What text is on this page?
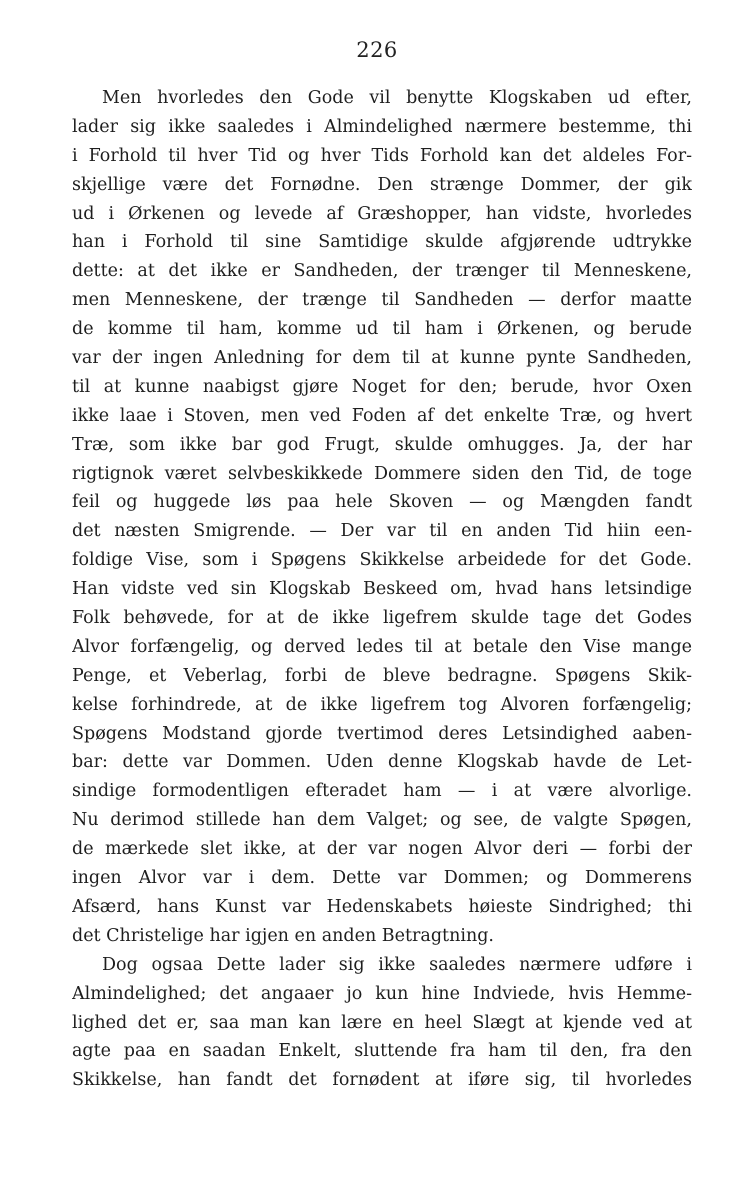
226
Men hvorledes den Gode vil benytte Klogskaben ud efter,
lader sig ikke saaledes i Almindelighed nærmere bestemme, thi
i Forhold til hver Tid og hver Tids Forhold kan det aldeles For-
skjellige være det Fornødne. Den strænge Dommer, der gik
ud i Ørkenen og levede af Græshopper, han vidste, hvorledes
han i Forhold til sine Samtidige skulde afgjørende udtrykke
dette: at det ikke er Sandheden, der trænger til Menneskene,
men Menneskene, der trænge til Sandheden — derfor maatte
de komme til ham, komme ud til ham i Ørkenen, og berude
var der ingen Anledning for dem til at kunne pynte Sandheden,
til at kunne naabigst gjøre Noget for den; berude, hvor Oxen
ikke laae i Stoven, men ved Foden af det enkelte Træ, og hvert
Træ, som ikke bar god Frugt, skulde omhugges. Ja, der har
rigtignok været selvbeskikkede Dommere siden den Tid, de toge
feil og huggede løs paa hele Skoven — og Mængden fandt
det næsten Smigrende. — Der var til en anden Tid hiin een-
foldige Vise, som i Spøgens Skikkelse arbeidede for det Gode.
Han vidste ved sin Klogskab Beskeed om, hvad hans letsindige
Folk behøvede, for at de ikke ligefrem skulde tage det Godes
Alvor forfængelig, og derved ledes til at betale den Vise mange
Penge, et Veberlag, forbi de bleve bedragne. Spøgens Skik-
kelse forhindrede, at de ikke ligefrem tog Alvoren forfængelig;
Spøgens Modstand gjorde tvertimod deres Letsindighed aaben-
bar: dette var Dommen. Uden denne Klogskab havde de Let-
sindige formodentligen efteradet ham — i at være alvorlige.
Nu derimod stillede han dem Valget; og see, de valgte Spøgen,
de mærkede slet ikke, at der var nogen Alvor deri — forbi der
ingen Alvor var i dem. Dette var Dommen; og Dommerens
Afsærd, hans Kunst var Hedenskabets høieste Sindrighed; thi
det Christelige har igjen en anden Betragtning.
Dog ogsaa Dette lader sig ikke saaledes nærmere udføre i
Almindelighed; det angaaer jo kun hine Indviede, hvis Hemme-
lighed det er, saa man kan lære en heel Slægt at kjende ved at
agte paa en saadan Enkelt, sluttende fra ham til den, fra den
Skikkelse, han fandt det fornødent at iføre sig, til hvorledes
